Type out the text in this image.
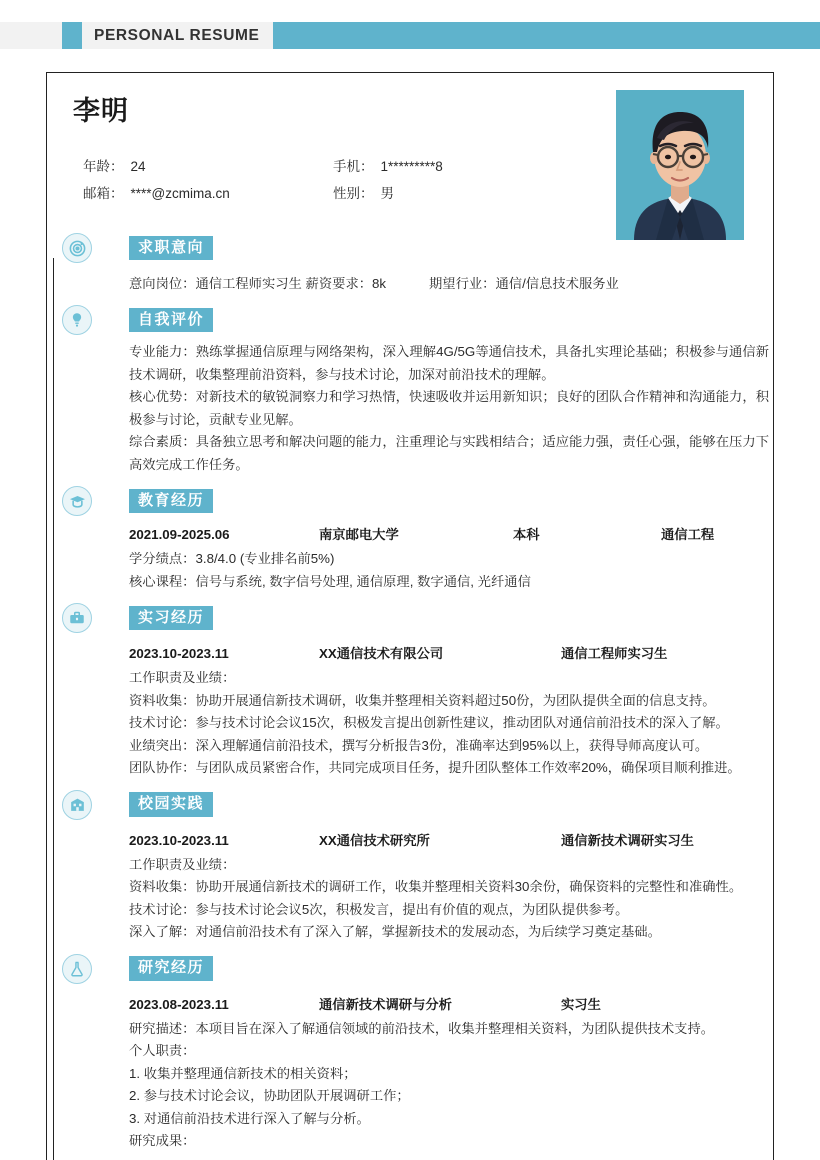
PERSONAL RESUME
李明
年龄： 24	手机： 1*********8
邮箱： ****@zcmima.cn	性别： 男
求职意向
意向岗位：通信工程师实习生 薪资要求：8k	期望行业：通信/信息技术服务业
自我评价
专业能力：熟练掌握通信原理与网络架构，深入理解4G/5G等通信技术，具备扎实理论基础；积极参与通信新技术调研，收集整理前沿资料，参与技术讨论，加深对前沿技术的理解。
核心优势：对新技术的敏锐洞察力和学习热情，快速吸收并运用新知识；良好的团队合作精神和沟通能力，积极参与讨论，贡献专业见解。
综合素质：具备独立思考和解决问题的能力，注重理论与实践相结合；适应能力强，责任心强，能够在压力下高效完成工作任务。
教育经历
2021.09-2025.06	南京邮电大学	本科	通信工程
学分绩点：3.8/4.0 (专业排名前5%)
核心课程：信号与系统, 数字信号处理, 通信原理, 数字通信, 光纤通信
实习经历
2023.10-2023.11	XX通信技术有限公司	通信工程师实习生
工作职责及业绩：
资料收集：协助开展通信新技术调研，收集并整理相关资料超过50份，为团队提供全面的信息支持。
技术讨论：参与技术讨论会议15次，积极发言提出创新性建议，推动团队对通信前沿技术的深入了解。
业绩突出：深入理解通信前沿技术，撰写分析报告3份，准确率达到95%以上，获得导师高度认可。
团队协作：与团队成员紧密合作，共同完成项目任务，提升团队整体工作效率20%，确保项目顺利推进。
校园实践
2023.10-2023.11	XX通信技术研究所	通信新技术调研实习生
工作职责及业绩：
资料收集：协助开展通信新技术的调研工作，收集并整理相关资料30余份，确保资料的完整性和准确性。
技术讨论：参与技术讨论会议5次，积极发言，提出有价值的观点，为团队提供参考。
深入了解：对通信前沿技术有了深入了解，掌握新技术的发展动态，为后续学习奠定基础。
研究经历
2023.08-2023.11	通信新技术调研与分析	实习生
研究描述：本项目旨在深入了解通信领域的前沿技术，收集并整理相关资料，为团队提供技术支持。
个人职责：
1. 收集并整理通信新技术的相关资料；
2. 参与技术讨论会议，协助团队开展调研工作；
3. 对通信前沿技术进行深入了解与分析。
研究成果：
